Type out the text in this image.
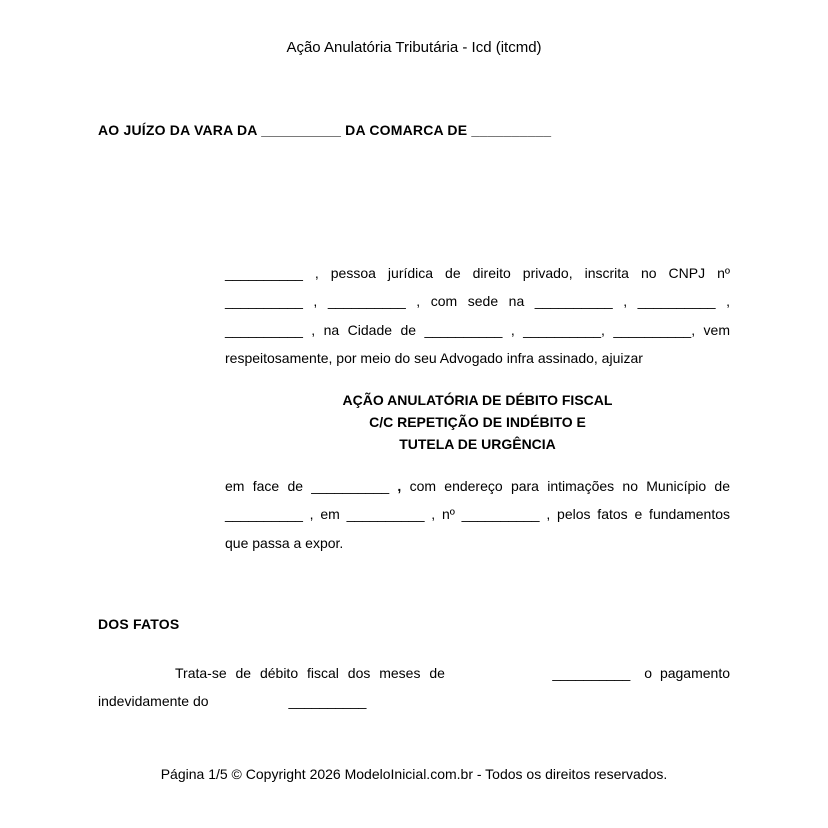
Ação Anulatória Tributária - Icd (itcmd)
AO JUÍZO DA VARA DA __________ DA COMARCA DE __________
__________ , pessoa jurídica de direito privado, inscrita no CNPJ nº
__________ , __________ , com sede na __________ , __________ ,
__________ , na Cidade de __________ , __________, __________, vem
respeitosamente, por meio do seu Advogado infra assinado, ajuizar
AÇÃO ANULATÓRIA DE DÉBITO FISCAL
C/C REPETIÇÃO DE INDÉBITO E
TUTELA DE URGÊNCIA
em face de __________ , com endereço para intimações no Município de
__________ , em __________ , nº __________ , pelos fatos e fundamentos
que passa a expor.
DOS FATOS
Trata-se de débito fiscal dos meses de	__________ o pagamento
indevidamente do	__________
Página 1/5 © Copyright 2026 ModeloInicial.com.br - Todos os direitos reservados.
